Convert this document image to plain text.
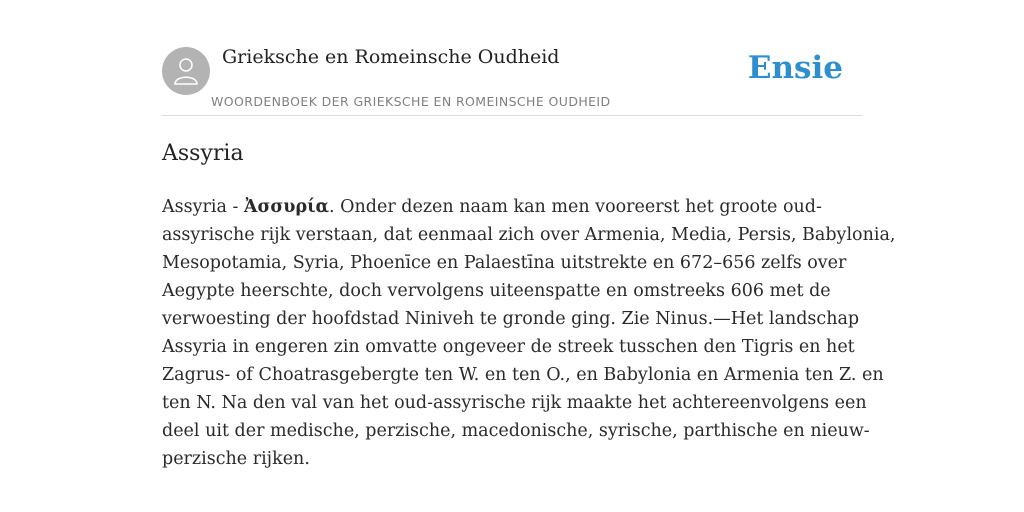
Grieksche en Romeinsche Oudheid
WOORDENBOEK DER GRIEKSCHE EN ROMEINSCHE OUDHEID
Ensie
Assyria
Assyria - Ἀσσυρία. Onder dezen naam kan men vooreerst het groote oud-
assyrische rijk verstaan, dat eenmaal zich over Armenia, Media, Persis, Babylonia,
Mesopotamia, Syria, Phoenīce en Palaestīna uitstrekte en 672–656 zelfs over
Aegypte heerschte, doch vervolgens uiteenspatte en omstreeks 606 met de
verwoesting der hoofdstad Niniveh te gronde ging. Zie Ninus.—Het landschap
Assyria in engeren zin omvatte ongeveer de streek tusschen den Tigris en het
Zagrus- of Choatrasgebergte ten W. en ten O., en Babylonia en Armenia ten Z. en
ten N. Na den val van het oud-assyrische rijk maakte het achtereenvolgens een
deel uit der medische, perzische, macedonische, syrische, parthische en nieuw-
perzische rijken.
